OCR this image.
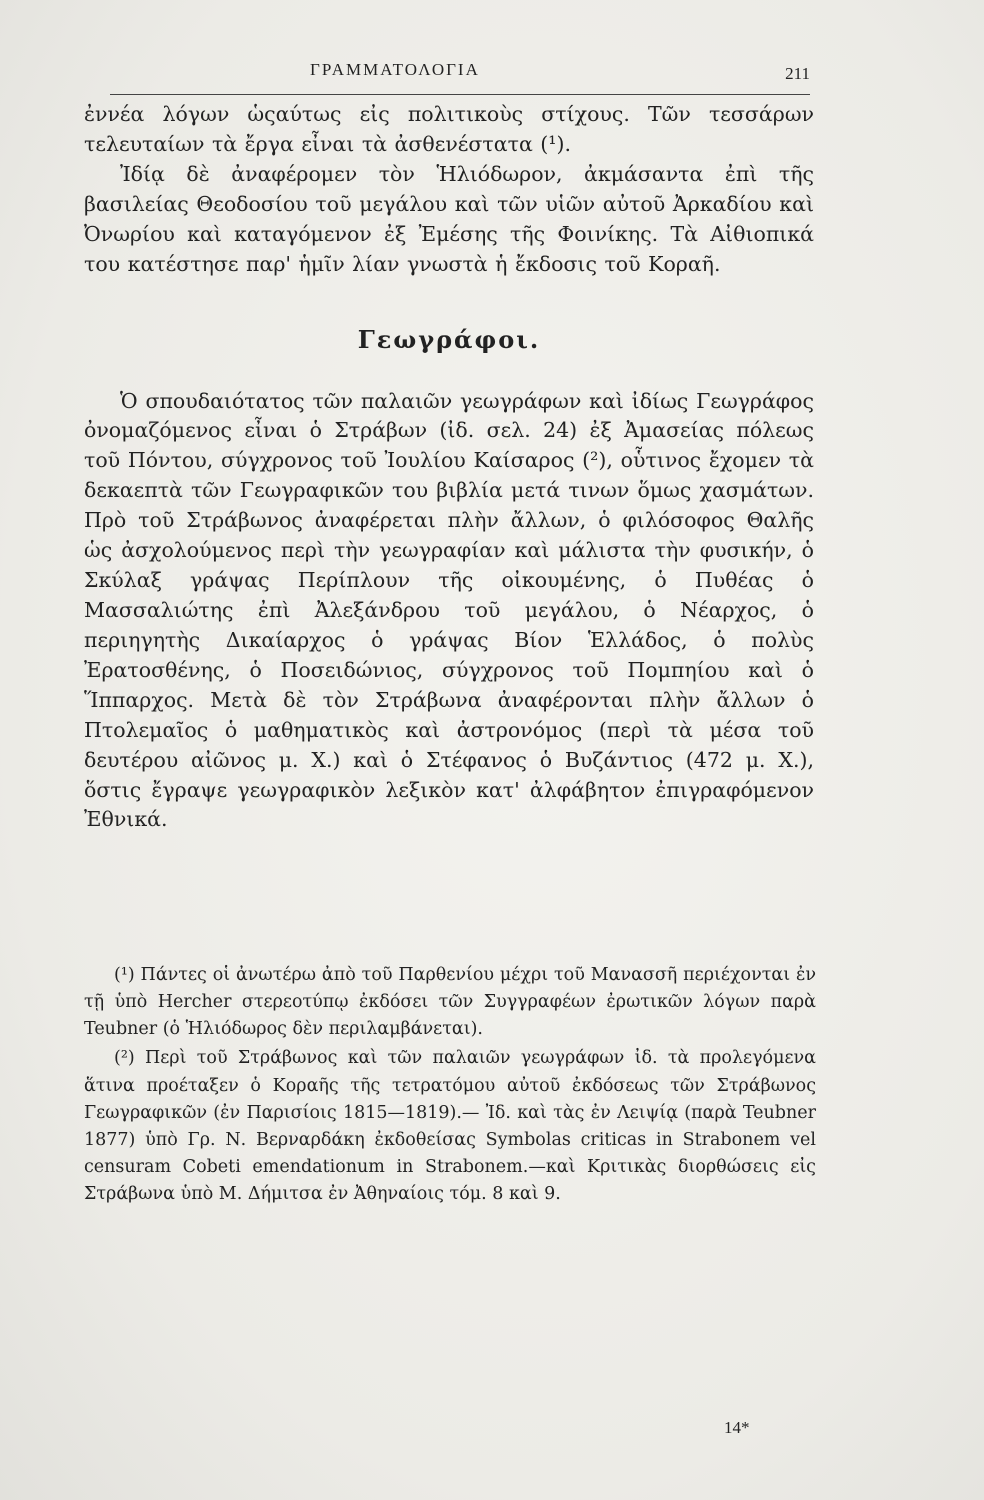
ΓΡΑΜΜΑΤΟΛΟΓΙΑ	211

ἐννέα λόγων ὡςαύτως εἰς πολιτικοὺς στίχους. Τῶν τεσσάρων τελευταίων τὰ ἔργα εἶναι τὰ ἀσθενέστατα (¹).

Ἰδίᾳ δὲ ἀναφέρομεν τὸν Ἡλιόδωρον, ἀκμάσαντα ἐπὶ τῆς βασιλείας Θεοδοσίου τοῦ μεγάλου καὶ τῶν υἱῶν αὐτοῦ Ἀρκαδίου καὶ Ὀνωρίου καὶ καταγόμενον ἐξ Ἐμέσης τῆς Φοινίκης. Τὰ Αἰθιοπικά του κατέστησε παρ' ἡμῖν λίαν γνωστὰ ἡ ἔκδοσις τοῦ Κοραῆ.

Γεωγράφοι.

Ὁ σπουδαιότατος τῶν παλαιῶν γεωγράφων καὶ ἰδίως Γεωγράφος ὀνομαζόμενος εἶναι ὁ Στράβων (ἰδ. σελ. 24) ἐξ Ἀμασείας πόλεως τοῦ Πόντου, σύγχρονος τοῦ Ἰουλίου Καίσαρος (²), οὗτινος ἔχομεν τὰ δεκαεπτὰ τῶν Γεωγραφικῶν του βιβλία μετά τινων ὅμως χασμάτων. Πρὸ τοῦ Στράβωνος ἀναφέρεται πλὴν ἄλλων, ὁ φιλόσοφος Θαλῆς ὡς ἀσχολούμενος περὶ τὴν γεωγραφίαν καὶ μάλιστα τὴν φυσικήν, ὁ Σκύλαξ γράψας Περίπλουν τῆς οἰκουμένης, ὁ Πυθέας ὁ Μασσαλιώτης ἐπὶ Ἀλεξάνδρου τοῦ μεγάλου, ὁ Νέαρχος, ὁ περιηγητὴς Δικαίαρχος ὁ γράψας Βίον Ἑλλάδος, ὁ πολὺς Ἐρατοσθένης, ὁ Ποσειδώνιος, σύγχρονος τοῦ Πομπηίου καὶ ὁ Ἵππαρχος. Μετὰ δὲ τὸν Στράβωνα ἀναφέρονται πλὴν ἄλλων ὁ Πτολεμαῖος ὁ μαθηματικὸς καὶ ἀστρονόμος (περὶ τὰ μέσα τοῦ δευτέρου αἰῶνος μ. Χ.) καὶ ὁ Στέφανος ὁ Βυζάντιος (472 μ. Χ.), ὅστις ἔγραψε γεωγραφικὸν λεξικὸν κατ' ἀλφάβητον ἐπιγραφόμενον Ἐθνικά.

(¹) Πάντες οἱ ἀνωτέρω ἀπὸ τοῦ Παρθενίου μέχρι τοῦ Μανασσῆ περιέχονται ἐν τῇ ὑπὸ Hercher στερεοτύπῳ ἐκδόσει τῶν Συγγραφέων ἐρωτικῶν λόγων παρὰ Teubner (ὁ Ἡλιόδωρος δὲν περιλαμβάνεται).

(²) Περὶ τοῦ Στράβωνος καὶ τῶν παλαιῶν γεωγράφων ἰδ. τὰ προλεγόμενα ἅτινα προέταξεν ὁ Κοραῆς τῆς τετρατόμου αὐτοῦ ἐκδόσεως τῶν Στράβωνος Γεωγραφικῶν (ἐν Παρισίοις 1815—1819).— Ἰδ. καὶ τὰς ἐν Λειψίᾳ (παρὰ Teubner 1877) ὑπὸ Γρ. Ν. Βερναρδάκη ἐκδοθείσας Symbolas criticas in Strabonem vel censuram Cobeti emendationum in Strabonem.—καὶ Κριτικὰς διορθώσεις εἰς Στράβωνα ὑπὸ Μ. Δήμιτσα ἐν Ἀθηναίοις τόμ. 8 καὶ 9.

14*
